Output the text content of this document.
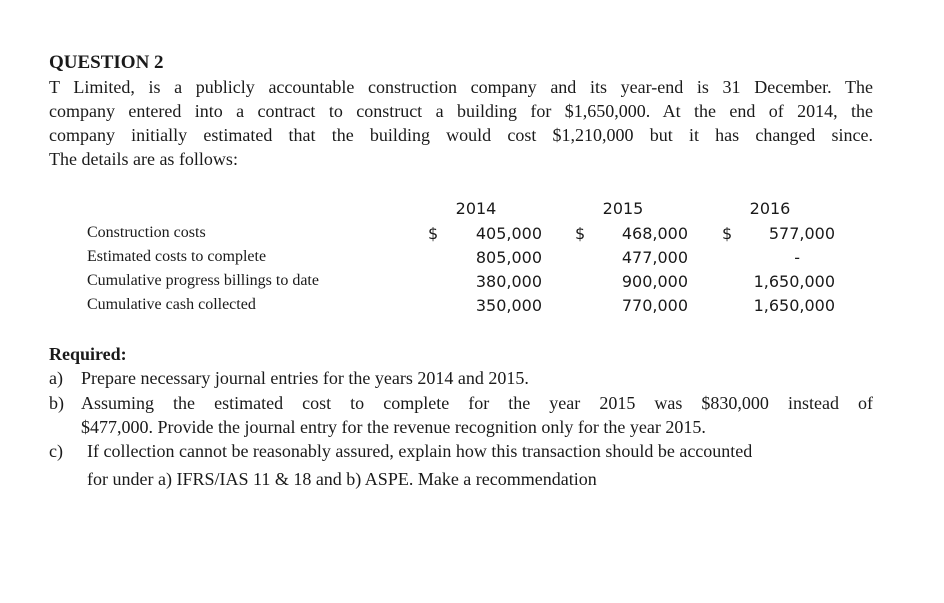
QUESTION 2
T Limited, is a publicly accountable construction company and its year-end is 31 December. The
company entered into a contract to construct a building for $1,650,000. At the end of 2014, the
company initially estimated that the building would cost $1,210,000 but it has changed since.
The details are as follows:
2014	2015	2016
Construction costs	$	405,000 $	468,000 $	577,000
Estimated costs to complete	805,000	477,000	-
Cumulative progress billings to date	380,000	900,000	1,650,000
Cumulative cash collected	350,000	770,000	1,650,000
Required:
a) Prepare necessary journal entries for the years 2014 and 2015.
b) Assuming the estimated cost to complete for the year 2015 was $830,000 instead of
$477,000. Provide the journal entry for the revenue recognition only for the year 2015.
c) If collection cannot be reasonably assured, explain how this transaction should be accounted
for under a) IFRS/IAS 11 & 18 and b) ASPE. Make a recommendation
